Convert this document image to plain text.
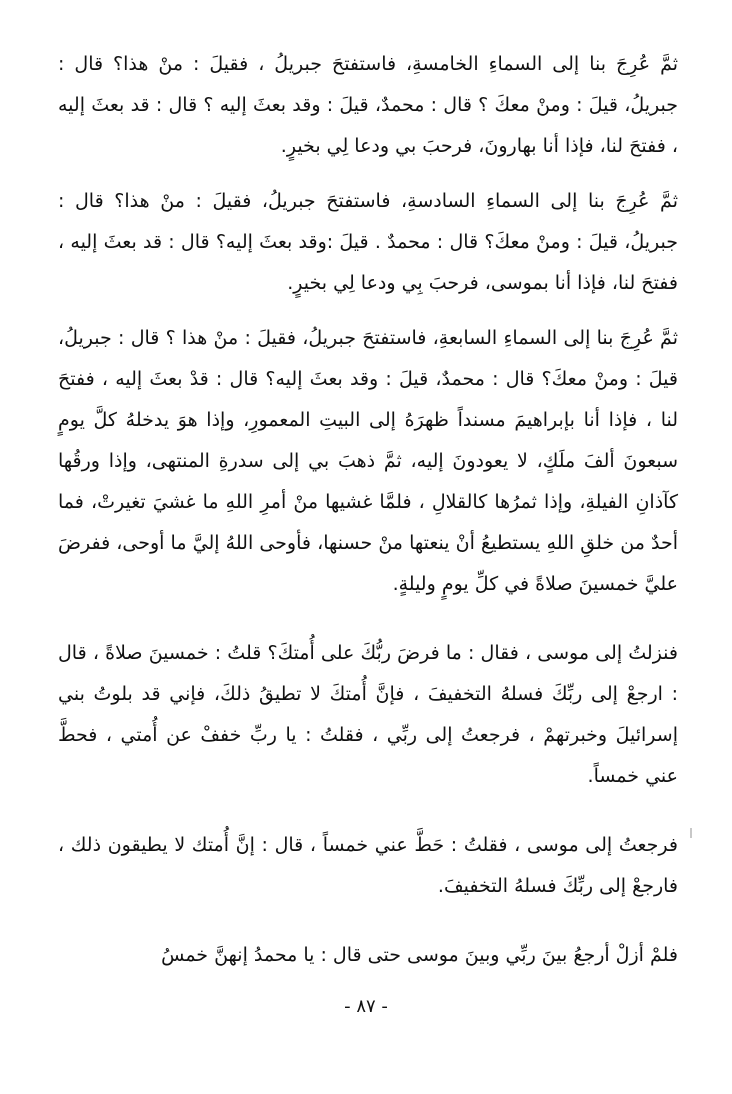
ثمَّ عُرِجَ بنا إلى السماءِ الخامسةِ، فاستفتحَ جبريلُ ، فقيلَ : منْ هذا؟ قال : جبريلُ، قيلَ : ومنْ معكَ ؟ قال : محمدٌ، قيلَ : وقد بعثَ إليه ؟ قال : قد بعثَ إليه ، ففتحَ لنا، فإذا أنا بهارونَ، فرحبَ بي ودعا لِي بخيرٍ.

ثمَّ عُرِجَ بنا إلى السماءِ السادسةِ، فاستفتحَ جبريلُ، فقيلَ : منْ هذا؟ قال : جبريلُ، قيلَ : ومنْ معكَ؟ قال : محمدٌ . قيلَ :وقد بعثَ إليه؟ قال : قد بعثَ إليه ، ففتحَ لنا، فإذا أنا بموسى، فرحبَ بِي ودعا لِي بخيرٍ.

ثمَّ عُرِجَ بنا إلى السماءِ السابعةِ، فاستفتحَ جبريلُ، فقيلَ : منْ هذا ؟ قال : جبريلُ، قيلَ : ومنْ معكَ؟ قال : محمدٌ، قيلَ : وقد بعثَ إليه؟ قال : قدْ بعثَ إليه ، ففتحَ لنا ، فإذا أنا بإبراهيمَ مسنداً ظهرَهُ إلى البيتِ المعمورِ، وإذا هوَ يدخلهُ كلَّ يومٍ سبعونَ ألفَ ملَكٍ، لا يعودونَ إليه، ثمَّ ذهبَ بي إلى سدرةِ المنتهى، وإذا ورقُها كآذانِ الفيلةِ، وإذا ثمرُها كالقلالِ ، فلمَّا غشيها منْ أمرِ اللهِ ما غشيَ تغيرتْ، فما أحدٌ من خلقِ اللهِ يستطيعُ أنْ ينعتها منْ حسنها، فأوحى اللهُ إليَّ ما أوحى، ففرضَ عليَّ خمسينَ صلاةً في كلِّ يومٍ وليلةٍ.

فنزلتُ إلى موسى ، فقال : ما فرضَ ربُّكَ على أُمتكَ؟ قلتُ : خمسينَ صلاةً ، قال : ارجعْ إلى ربِّكَ فسلهُ التخفيفَ ، فإنَّ أُمتكَ لا تطيقُ ذلكَ، فإني قد بلوتُ بني إسرائيلَ وخبرتهمْ ، فرجعتُ إلى ربِّي ، فقلتُ : يا ربِّ خففْ عن أُمتي ، فحطَّ عني خمساً.

فرجعتُ إلى موسى ، فقلتُ : حَطَّ عني خمساً ، قال : إنَّ أُمتك لا يطيقون ذلك ، فارجعْ إلى ربِّكَ فسلهُ التخفيفَ.

فلمْ أزلْ أرجعُ بينَ ربِّي وبينَ موسى حتى قال : يا محمدُ إنهنَّ خمسُ

- ٨٧ -
